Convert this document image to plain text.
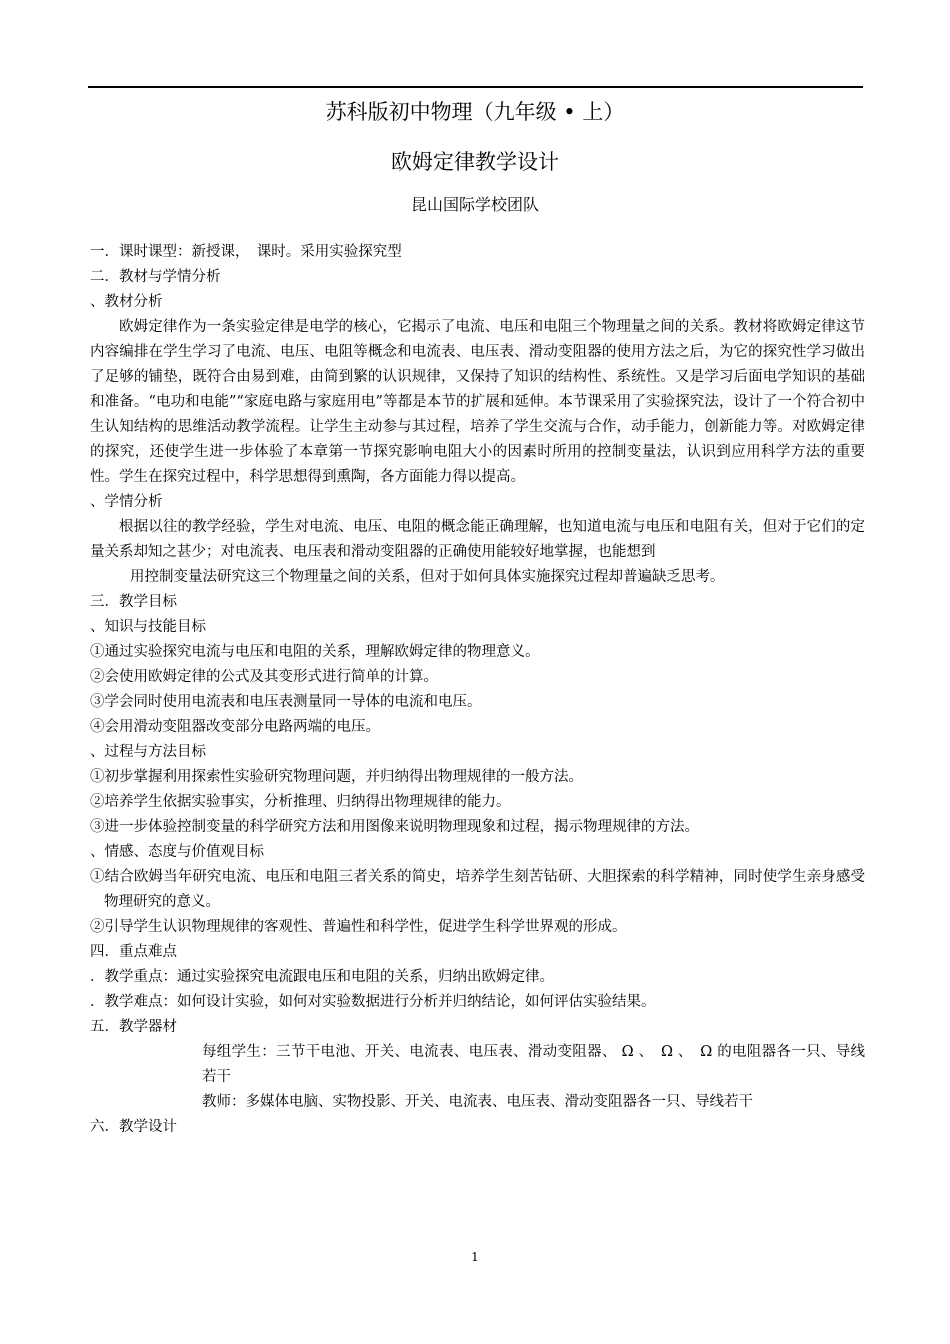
苏科版初中物理（九年级 • 上）
欧姆定律教学设计
昆山国际学校团队
一．课时课型：新授课，　课时。采用实验探究型
二．教材与学情分析
、教材分析
欧姆定律作为一条实验定律是电学的核心，它揭示了电流、电压和电阻三个物理量之间的关系。教材将欧姆定律这节内容编排在学生学习了电流、电压、电阻等概念和电流表、电压表、滑动变阻器的使用方法之后，为它的探究性学习做出了足够的铺垫，既符合由易到难，由简到繁的认识规律，又保持了知识的结构性、系统性。又是学习后面电学知识的基础和准备。“电功和电能”“家庭电路与家庭用电”等都是本节的扩展和延伸。本节课采用了实验探究法，设计了一个符合初中生认知结构的思维活动教学流程。让学生主动参与其过程，培养了学生交流与合作，动手能力，创新能力等。对欧姆定律的探究，还使学生进一步体验了本章第一节探究影响电阻大小的因素时所用的控制变量法，认识到应用科学方法的重要性。学生在探究过程中，科学思想得到熏陶，各方面能力得以提高。
、学情分析
根据以往的教学经验，学生对电流、电压、电阻的概念能正确理解，也知道电流与电压和电阻有关，但对于它们的定量关系却知之甚少；对电流表、电压表和滑动变阻器的正确使用能较好地掌握，也能想到
用控制变量法研究这三个物理量之间的关系，但对于如何具体实施探究过程却普遍缺乏思考。
三．教学目标
、知识与技能目标
①通过实验探究电流与电压和电阻的关系，理解欧姆定律的物理意义。
②会使用欧姆定律的公式及其变形式进行简单的计算。
③学会同时使用电流表和电压表测量同一导体的电流和电压。
④会用滑动变阻器改变部分电路两端的电压。
、过程与方法目标
①初步掌握利用探索性实验研究物理问题，并归纳得出物理规律的一般方法。
②培养学生依据实验事实，分析推理、归纳得出物理规律的能力。
③进一步体验控制变量的科学研究方法和用图像来说明物理现象和过程，揭示物理规律的方法。
、情感、态度与价值观目标
①结合欧姆当年研究电流、电压和电阻三者关系的简史，培养学生刻苦钻研、大胆探索的科学精神，同时使学生亲身感受物理研究的意义。
②引导学生认识物理规律的客观性、普遍性和科学性，促进学生科学世界观的形成。
四．重点难点
．教学重点：通过实验探究电流跟电压和电阻的关系，归纳出欧姆定律。
．教学难点：如何设计实验，如何对实验数据进行分析并归纳结论，如何评估实验结果。
五．教学器材
每组学生：三节干电池、开关、电流表、电压表、滑动变阻器、 Ω 、　Ω 、　Ω 的电阻器各一只、导线若干
教师：多媒体电脑、实物投影、开关、电流表、电压表、滑动变阻器各一只、导线若干
六．教学设计
1
